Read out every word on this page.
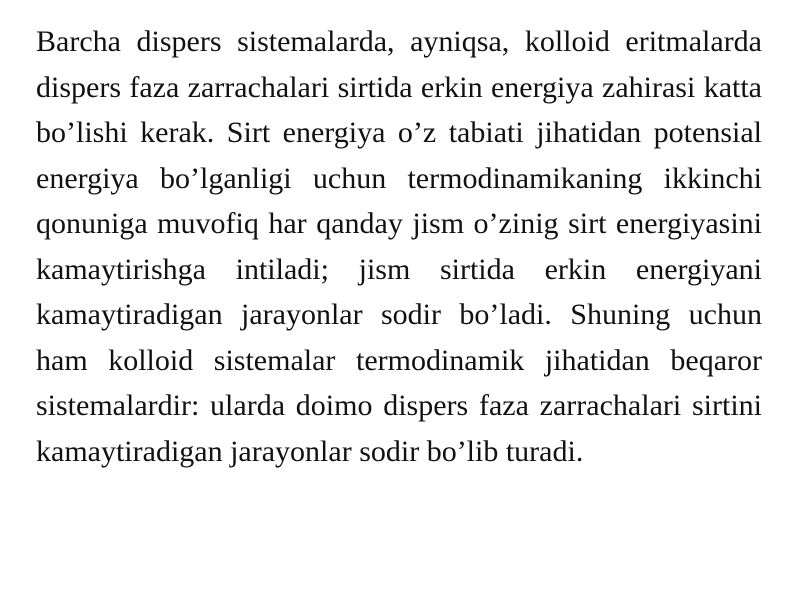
Barcha dispers sistemalarda, ayniqsa, kolloid eritmalarda dispers faza zarrachalari sirtida erkin energiya zahirasi katta bo’lishi kerak. Sirt energiya o’z tabiati jihatidan potensial energiya bo’lganligi uchun termodinamikaning ikkinchi qonuniga muvofiq har qanday jism o’zinig sirt energiyasini kamaytirishga intiladi; jism sirtida erkin energiyani kamaytiradigan jarayonlar sodir bo’ladi. Shuning uchun ham kolloid sistemalar termodinamik jihatidan beqaror sistemalardir: ularda doimo dispers faza zarrachalari sirtini kamaytiradigan jarayonlar sodir bo’lib turadi.
